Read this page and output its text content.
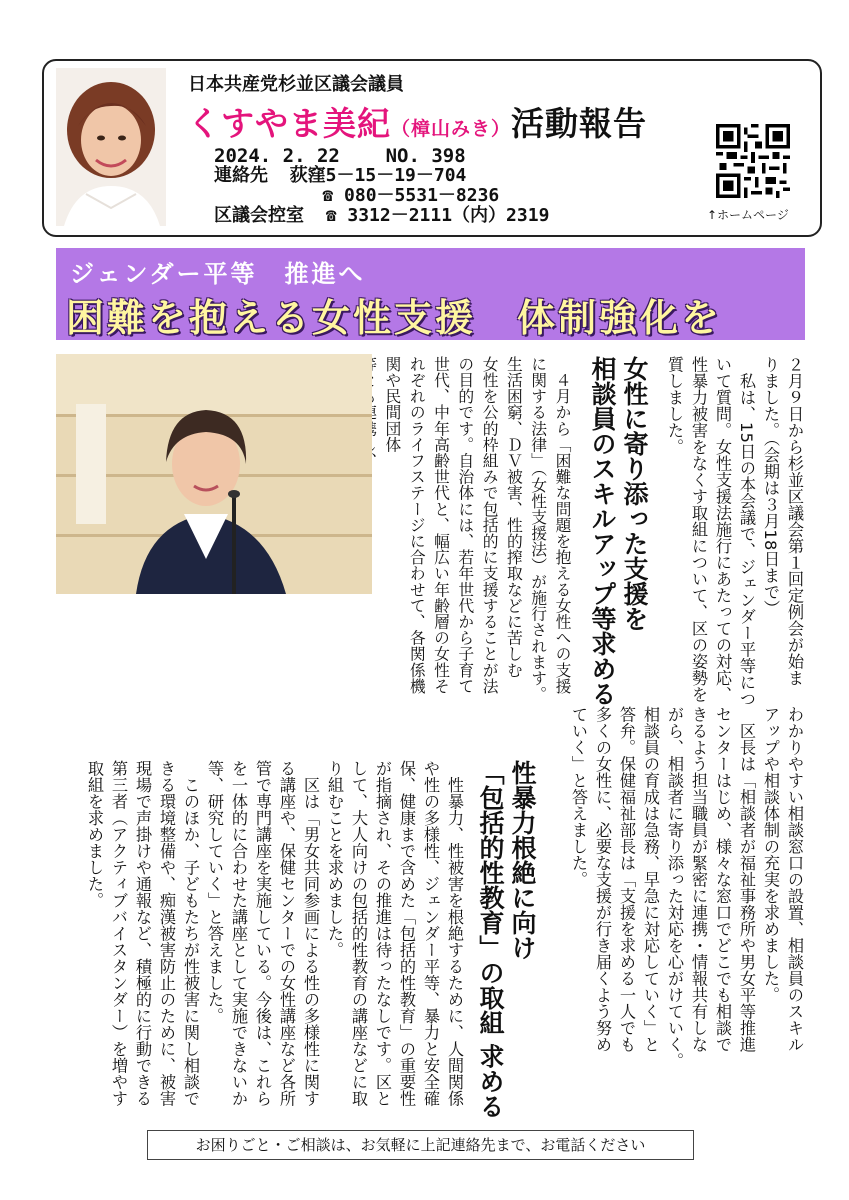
日本共産党杉並区議会議員
くすやま美紀（樟山みき）活動報告
2024. 2. 22 NO. 398
連絡先 荻窪5－15－19－704
☎ 080－5531－8236
区議会控室 ☎ 3312－2111（内）2319	↑ホームページ
ジェンダー平等　推進へ
困難を抱える女性支援　体制強化を
２月９日から杉並区議会第１回定例会が始ま
りました。（会期は３月18日まで）
　私は、15日の本会議で、ジェンダー平等につ
いて質問。女性支援法施行にあたっての対応、
性暴力被害をなくす取組について、区の姿勢を
質しました。
女性に寄り添った支援を
相談員のスキルアップ等求める
　４月から「困難な問題を抱える女性への支援
に関する法律」（女性支援法）が施行されます。
生活困窮、ＤＶ被害、性的搾取などに苦しむ
女性を公的枠組みで包括的に支援することが法
の目的です。自治体には、若年世代から子育て
世代、中年高齢世代と、幅広い年齢層の女性そ
れぞれのライフステージに合わせて、各関係機
関や民間団体

わかりやすい相談窓口の設置、相談員のスキル
アップや相談体制の充実を求めました。
　区長は「相談者が福祉事務所や男女平等推進
センターはじめ、様々な窓口でどこでも相談で
きるよう担当職員が緊密に連携・情報共有しな
がら、相談者に寄り添った対応を心がけていく。
相談員の育成は急務、早急に対応していく」と
答弁。保健福祉部長は「支援を求める一人でも
多くの女性に、必要な支援が行き届くよう努め
ていく」と答えました。
性暴力根絶に向け
「包括的性教育」の取組 求める
　性暴力、性被害を根絶するために、人間関係
や性の多様性、ジェンダー平等、暴力と安全確
保、健康まで含めた「包括的性教育」の重要性
が指摘され、その推進は待ったなしです。区と
して、大人向けの包括的性教育の講座などに取
り組むことを求めました。
　区は「男女共同参画による性の多様性に関す
る講座や、保健センターでの女性講座など各所
管で専門講座を実施している。今後は、これら
を一体的に合わせた講座として実施できないか
等、研究していく」と答えました。
　このほか、子どもたちが性被害に関し相談で
きる環境整備や、痴漢被害防止のために、被害
現場で声掛けや通報など、積極的に行動できる
第三者（アクティブバイスタンダー）を増やす
取組を求めました。
お困りごと・ご相談は、お気軽に上記連絡先まで、お電話ください
